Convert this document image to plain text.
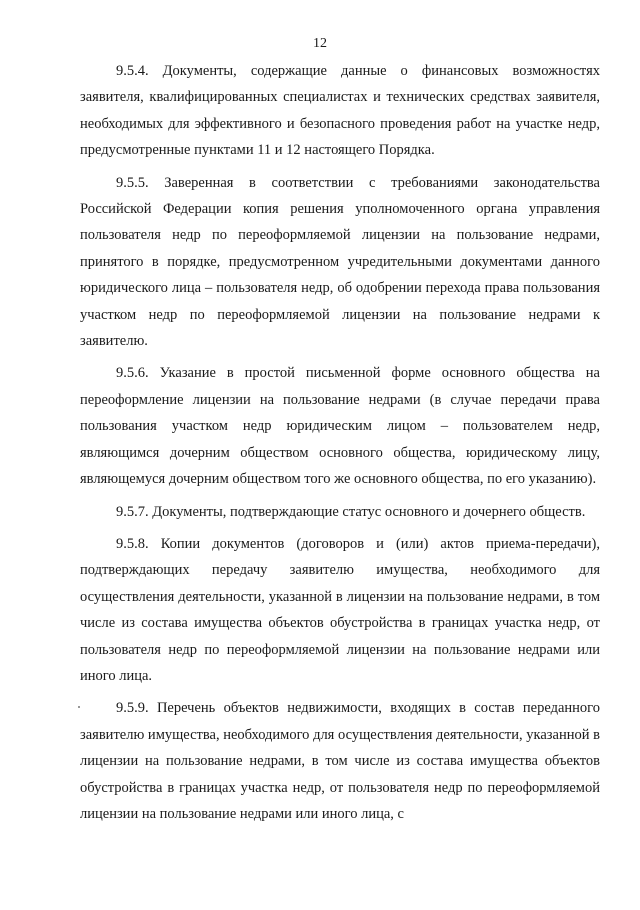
12

9.5.4. Документы, содержащие данные о финансовых возможностях заявителя, квалифицированных специалистах и технических средствах заявителя, необходимых для эффективного и безопасного проведения работ на участке недр, предусмотренные пунктами 11 и 12 настоящего Порядка.

9.5.5. Заверенная в соответствии с требованиями законодательства Российской Федерации копия решения уполномоченного органа управления пользователя недр по переоформляемой лицензии на пользование недрами, принятого в порядке, предусмотренном учредительными документами данного юридического лица – пользователя недр, об одобрении перехода права пользования участком недр по переоформляемой лицензии на пользование недрами к заявителю.

9.5.6. Указание в простой письменной форме основного общества на переоформление лицензии на пользование недрами (в случае передачи права пользования участком недр юридическим лицом – пользователем недр, являющимся дочерним обществом основного общества, юридическому лицу, являющемуся дочерним обществом того же основного общества, по его указанию).

9.5.7. Документы, подтверждающие статус основного и дочернего обществ.

9.5.8. Копии документов (договоров и (или) актов приема-передачи), подтверждающих передачу заявителю имущества, необходимого для осуществления деятельности, указанной в лицензии на пользование недрами, в том числе из состава имущества объектов обустройства в границах участка недр, от пользователя недр по переоформляемой лицензии на пользование недрами или иного лица.

9.5.9. Перечень объектов недвижимости, входящих в состав переданного заявителю имущества, необходимого для осуществления деятельности, указанной в лицензии на пользование недрами, в том числе из состава имущества объектов обустройства в границах участка недр, от пользователя недр по переоформляемой лицензии на пользование недрами или иного лица, с
